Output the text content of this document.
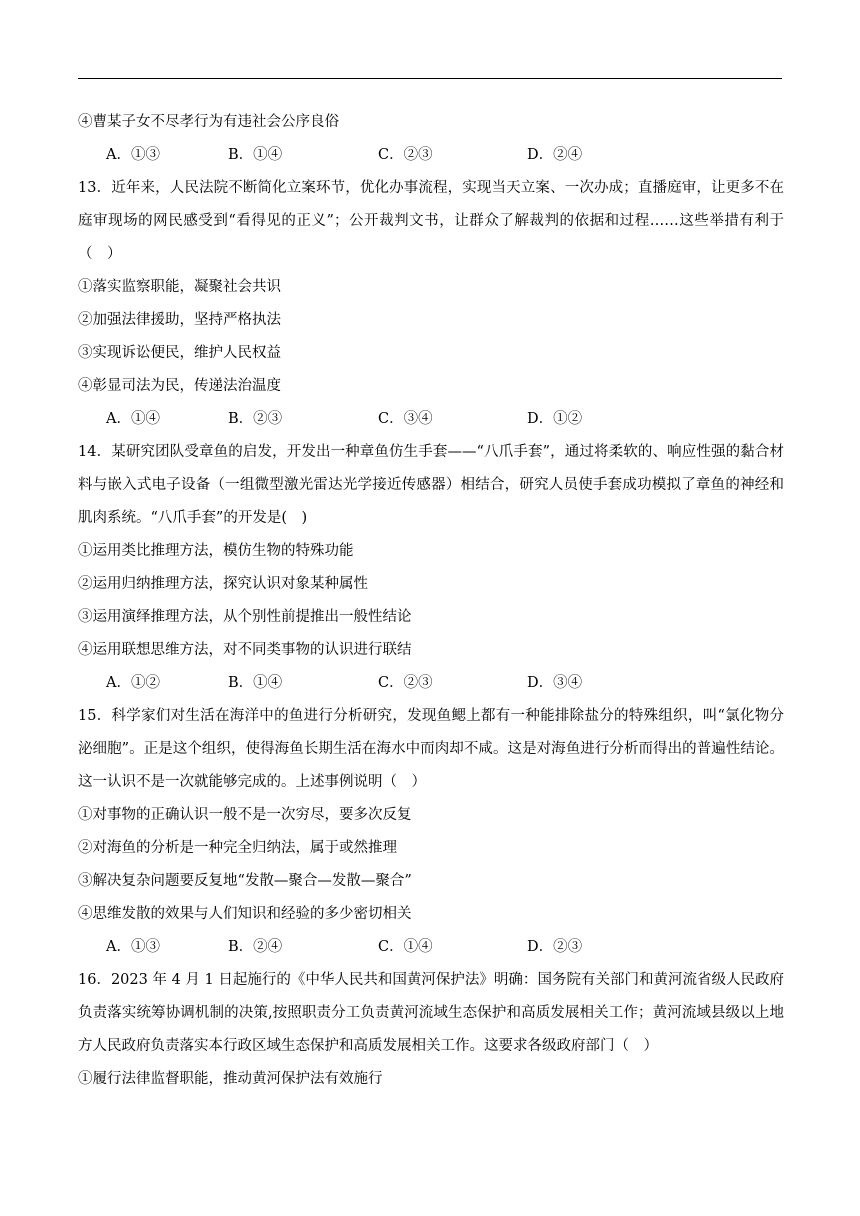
④曹某子女不尽孝行为有违社会公序良俗
A．①③	B．①④	C．②③	D．②④
13．近年来，人民法院不断简化立案环节，优化办事流程，实现当天立案、一次办成；直播庭审，让更多不在庭审现场的网民感受到“看得见的正义”；公开裁判文书，让群众了解裁判的依据和过程……这些举措有利于（　）
①落实监察职能，凝聚社会共识
②加强法律援助，坚持严格执法
③实现诉讼便民，维护人民权益
④彰显司法为民，传递法治温度
A．①④	B．②③	C．③④	D．①②
14．某研究团队受章鱼的启发，开发出一种章鱼仿生手套——“八爪手套”，通过将柔软的、响应性强的黏合材料与嵌入式电子设备（一组微型激光雷达光学接近传感器）相结合，研究人员使手套成功模拟了章鱼的神经和肌肉系统。“八爪手套”的开发是(　)
①运用类比推理方法，模仿生物的特殊功能
②运用归纳推理方法，探究认识对象某种属性
③运用演绎推理方法，从个别性前提推出一般性结论
④运用联想思维方法，对不同类事物的认识进行联结
A．①②	B．①④	C．②③	D．③④
15．科学家们对生活在海洋中的鱼进行分析研究，发现鱼鳃上都有一种能排除盐分的特殊组织，叫“氯化物分泌细胞”。正是这个组织，使得海鱼长期生活在海水中而肉却不咸。这是对海鱼进行分析而得出的普遍性结论。这一认识不是一次就能够完成的。上述事例说明（　）
①对事物的正确认识一般不是一次穷尽，要多次反复
②对海鱼的分析是一种完全归纳法，属于或然推理
③解决复杂问题要反复地“发散—聚合—发散—聚合”
④思维发散的效果与人们知识和经验的多少密切相关
A．①③	B．②④	C．①④	D．②③
16．2023 年 4 月 1 日起施行的《中华人民共和国黄河保护法》明确：国务院有关部门和黄河流省级人民政府负责落实统筹协调机制的决策,按照职责分工负责黄河流域生态保护和高质发展相关工作；黄河流域县级以上地方人民政府负责落实本行政区域生态保护和高质发展相关工作。这要求各级政府部门（　）
①履行法律监督职能，推动黄河保护法有效施行
